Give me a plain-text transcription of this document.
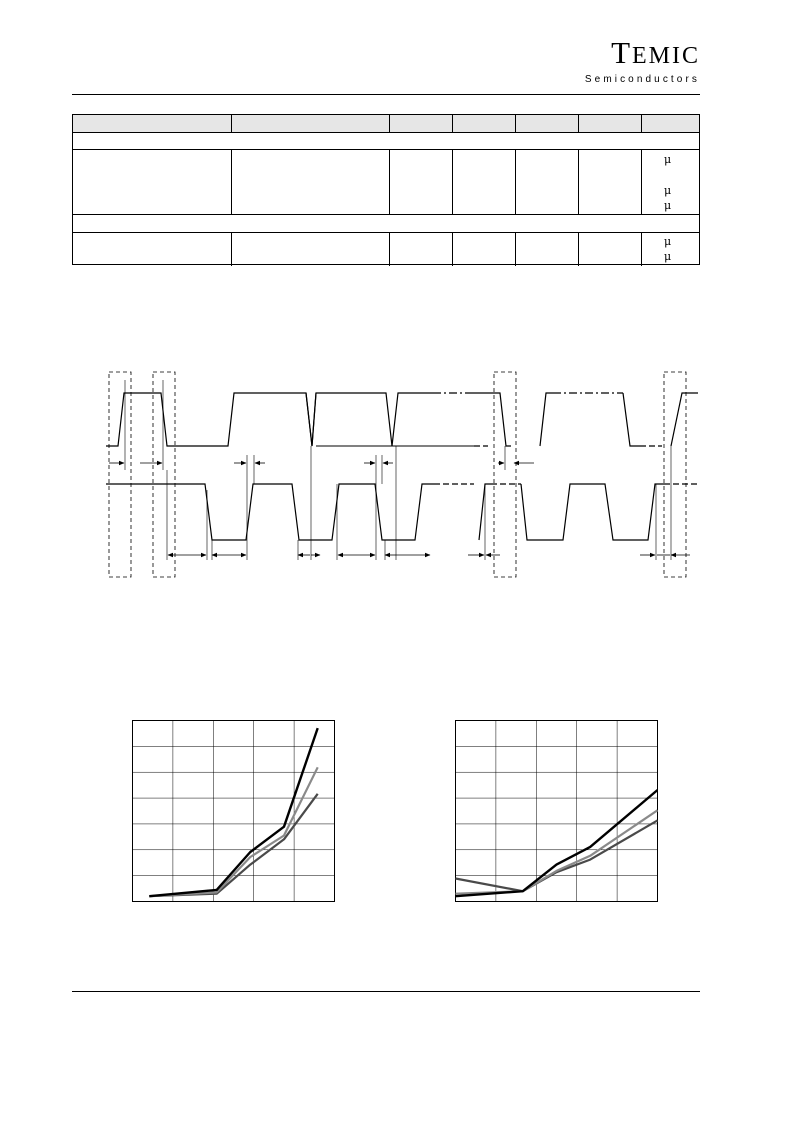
TEMIC
Semiconductors
μ
μ
μ
μ
μ
